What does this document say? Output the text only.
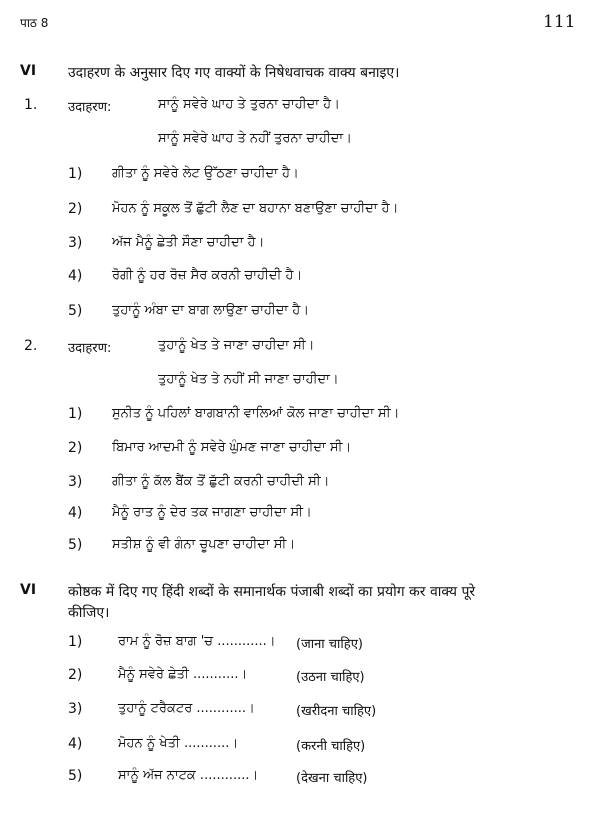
पाठ 8	111
VI उदाहरण के अनुसार दिए गए वाक्यों के निषेधवाचक वाक्य बनाइए।
1. उदाहरण:	ਸਾਨੂੰ ਸਵੇਰੇ ਘਾਹ ਤੇ ਤੁਰਨਾ ਚਾਹੀਦਾ ਹੈ।
ਸਾਨੂੰ ਸਵੇਰੇ ਘਾਹ ਤੇ ਨਹੀਂ ਤੁਰਨਾ ਚਾਹੀਦਾ।
1) ਗੀਤਾ ਨੂੰ ਸਵੇਰੇ ਲੇਟ ਉੱਠਣਾ ਚਾਹੀਦਾ ਹੈ।
2) ਮੋਹਨ ਨੂੰ ਸਕੂਲ ਤੋਂ ਛੁੱਟੀ ਲੈਣ ਦਾ ਬਹਾਨਾ ਬਣਾਉਣਾ ਚਾਹੀਦਾ ਹੈ।
3) ਅੱਜ ਮੈਨੂੰ ਛੇਤੀ ਸੌਣਾ ਚਾਹੀਦਾ ਹੈ।
4) ਰੋਗੀ ਨੂੰ ਹਰ ਰੋਜ਼ ਸੈਰ ਕਰਨੀ ਚਾਹੀਦੀ ਹੈ।
5) ਤੁਹਾਨੂੰ ਅੰਬਾ ਦਾ ਬਾਗ ਲਾਉਣਾ ਚਾਹੀਦਾ ਹੈ।
2. उदाहरण:	ਤੁਹਾਨੂੰ ਖੇਤ ਤੇ ਜਾਣਾ ਚਾਹੀਦਾ ਸੀ।
ਤੁਹਾਨੂੰ ਖੇਤ ਤੇ ਨਹੀਂ ਸੀ ਜਾਣਾ ਚਾਹੀਦਾ।
1) ਸੁਨੀਤ ਨੂੰ ਪਹਿਲਾਂ ਬਾਗਬਾਨੀ ਵਾਲਿਆਂ ਕੋਲ ਜਾਣਾ ਚਾਹੀਦਾ ਸੀ।
2) ਬਿਮਾਰ ਆਦਮੀ ਨੂੰ ਸਵੇਰੇ ਘੁੰਮਣ ਜਾਣਾ ਚਾਹੀਦਾ ਸੀ।
3) ਗੀਤਾ ਨੂੰ ਕੱਲ ਬੈਂਕ ਤੋਂ ਛੁੱਟੀ ਕਰਨੀ ਚਾਹੀਦੀ ਸੀ।
4) ਮੈਨੂੰ ਰਾਤ ਨੂੰ ਦੇਰ ਤਕ ਜਾਗਣਾ ਚਾਹੀਦਾ ਸੀ।
5) ਸਤੀਸ਼ ਨੂੰ ਵੀ ਗੰਨਾ ਚੂਪਣਾ ਚਾਹੀਦਾ ਸੀ।
VI कोष्ठक में दिए गए हिंदी शब्दों के समानार्थक पंजाबी शब्दों का प्रयोग कर वाक्य पूरे
कीजिए।
1)	ਰਾਮ ਨੂੰ ਰੋਜ਼ ਬਾਗ 'ਚ ............। (जाना चाहिए)
2)	ਮੈਨੂੰ ਸਵੇਰੇ ਛੇਤੀ ...........।	(उठना चाहिए)
3)	ਤੁਹਾਨੂੰ ਟਰੈਕਟਰ ............।	(खरीदना चाहिए)
4)	ਮੋਹਨ ਨੂੰ ਖੇਤੀ ...........।	(करनी चाहिए)
5)	ਸਾਨੂੰ ਅੱਜ ਨਾਟਕ ............।	(देखना चाहिए)
